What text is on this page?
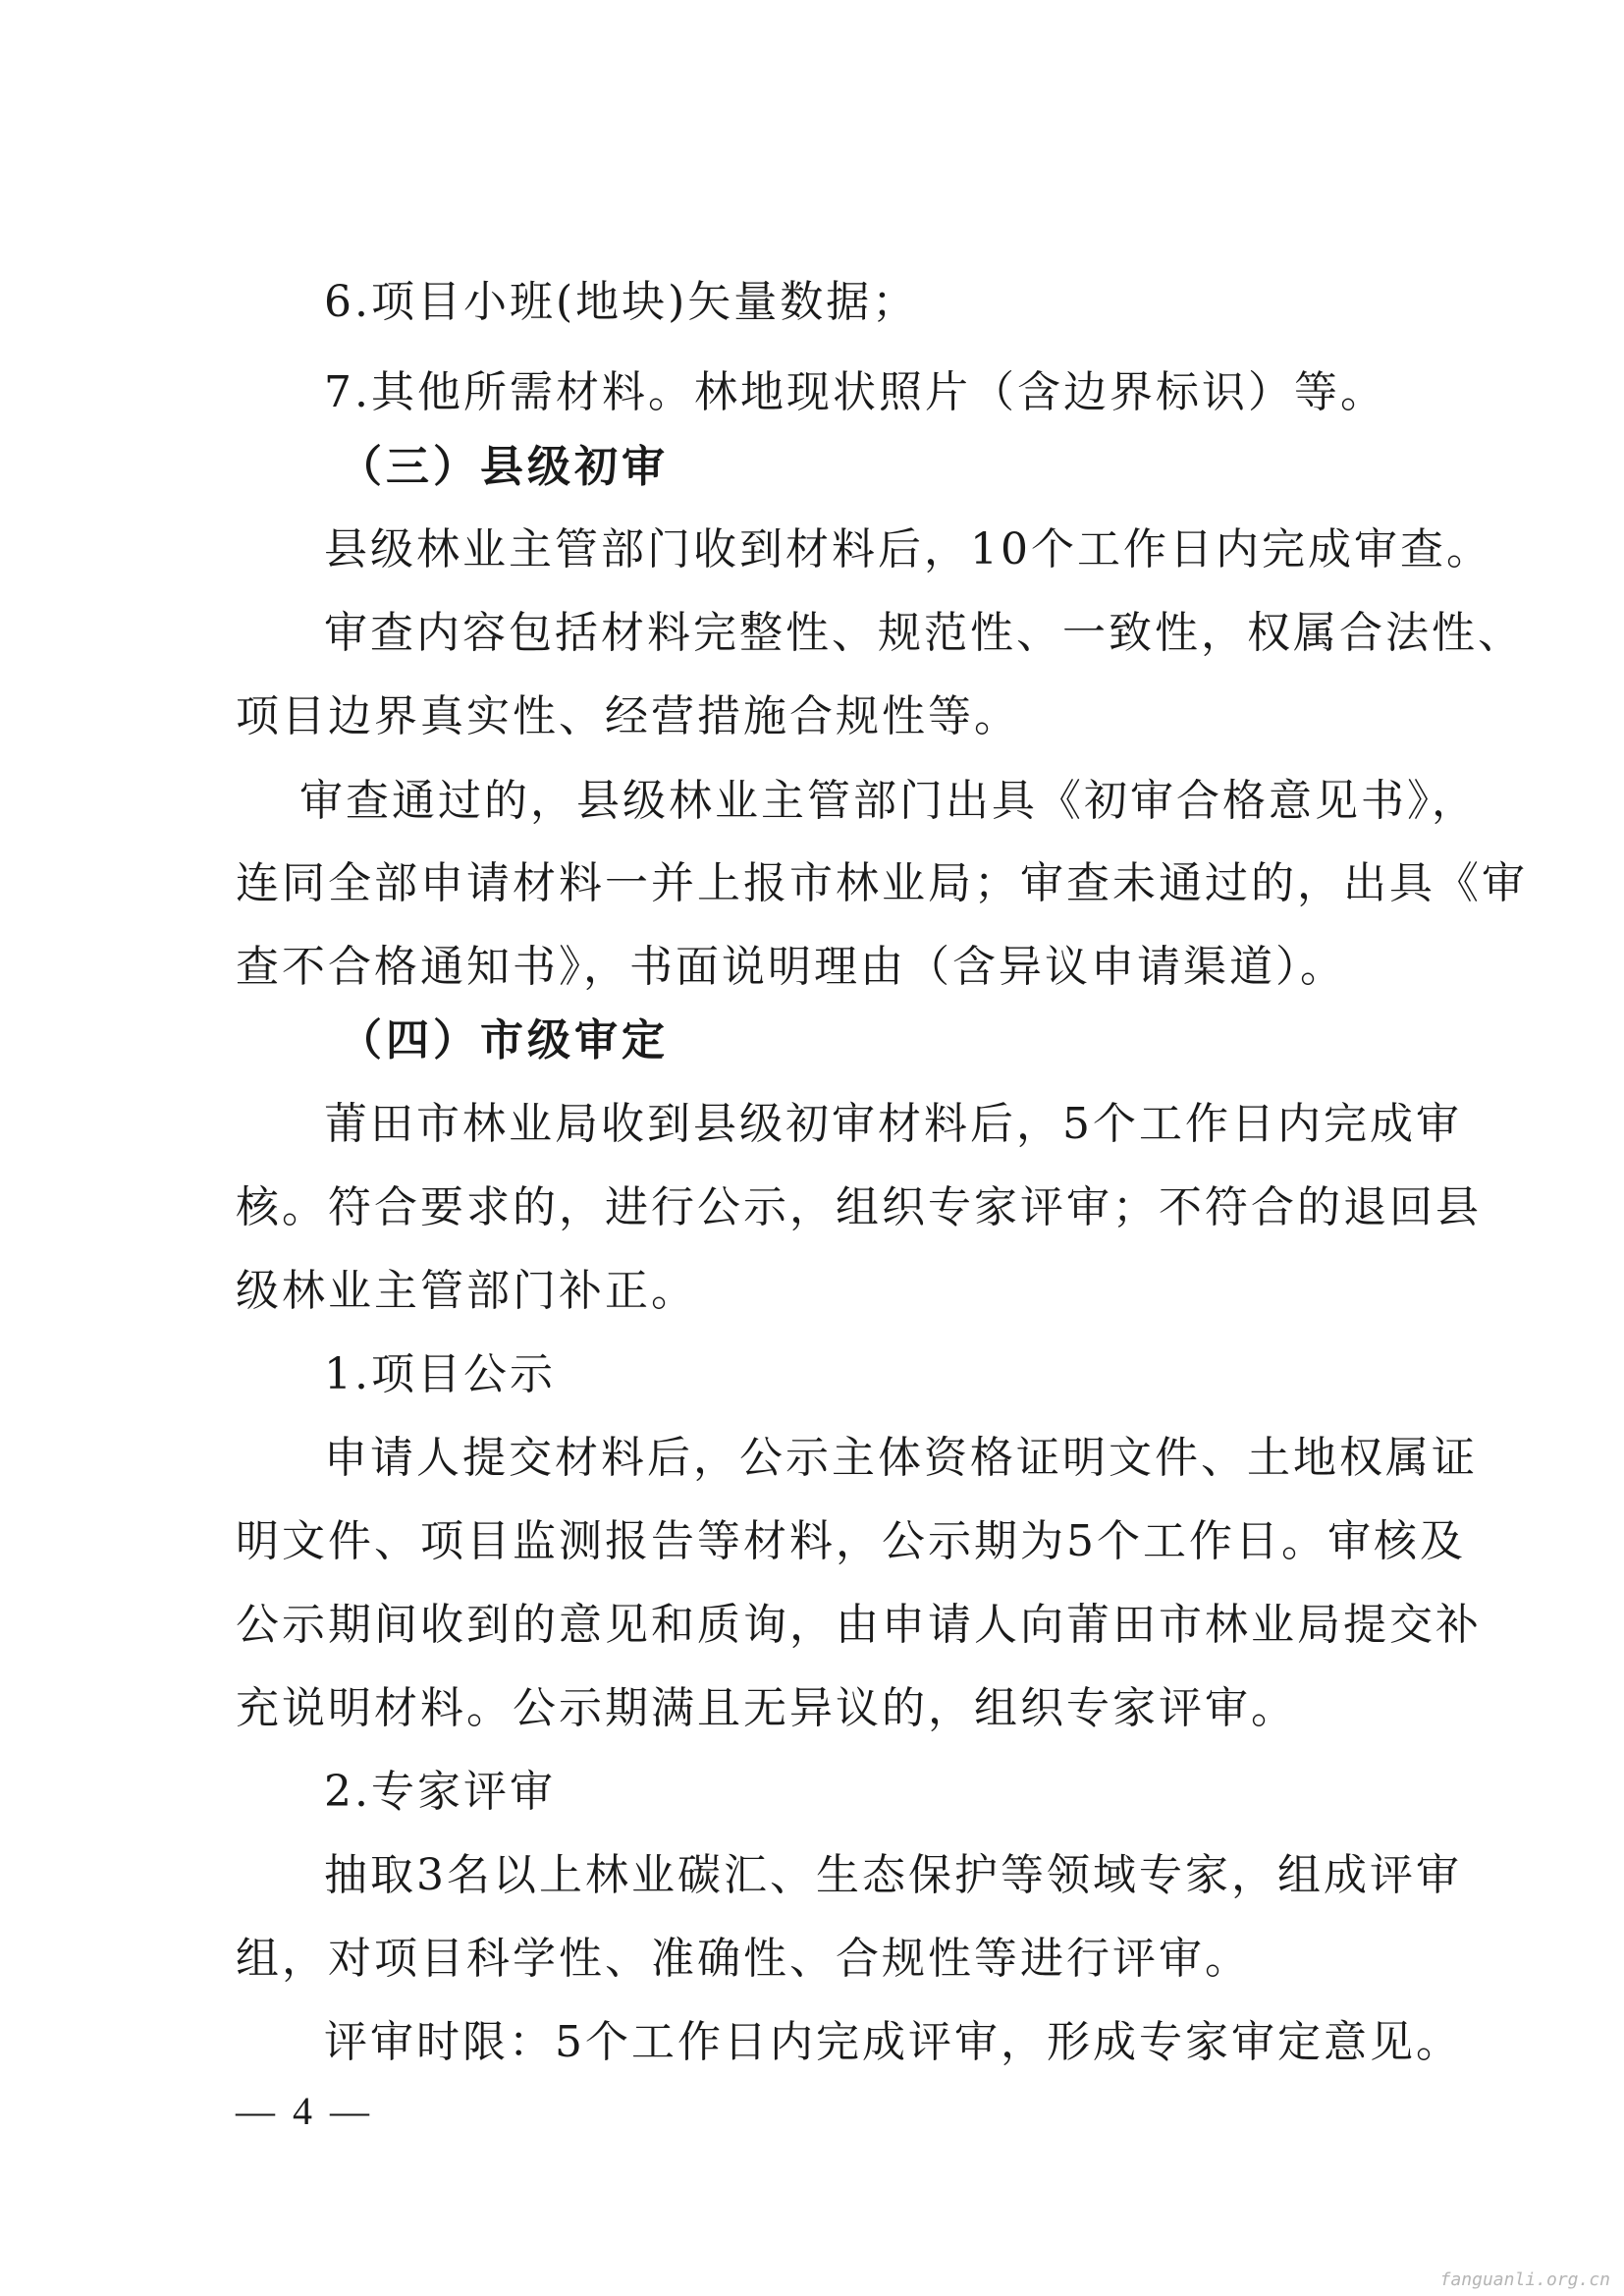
6.项目小班(地块)矢量数据；
7.其他所需材料。林地现状照片（含边界标识）等。
（三）县级初审
县级林业主管部门收到材料后，10个工作日内完成审查。
审查内容包括材料完整性、规范性、一致性，权属合法性、
项目边界真实性、经营措施合规性等。
审查通过的，县级林业主管部门出具《初审合格意见书》，
连同全部申请材料一并上报市林业局；审查未通过的，出具《审
查不合格通知书》，书面说明理由（含异议申请渠道）。
（四）市级审定
莆田市林业局收到县级初审材料后，5个工作日内完成审
核。符合要求的，进行公示，组织专家评审；不符合的退回县
级林业主管部门补正。
1.项目公示
申请人提交材料后，公示主体资格证明文件、土地权属证
明文件、项目监测报告等材料，公示期为5个工作日。审核及
公示期间收到的意见和质询，由申请人向莆田市林业局提交补
充说明材料。公示期满且无异议的，组织专家评审。
2.专家评审
抽取3名以上林业碳汇、生态保护等领域专家，组成评审
组，对项目科学性、准确性、合规性等进行评审。
评审时限：5个工作日内完成评审，形成专家审定意见。
— 4 —
fanguanli.org.cn
